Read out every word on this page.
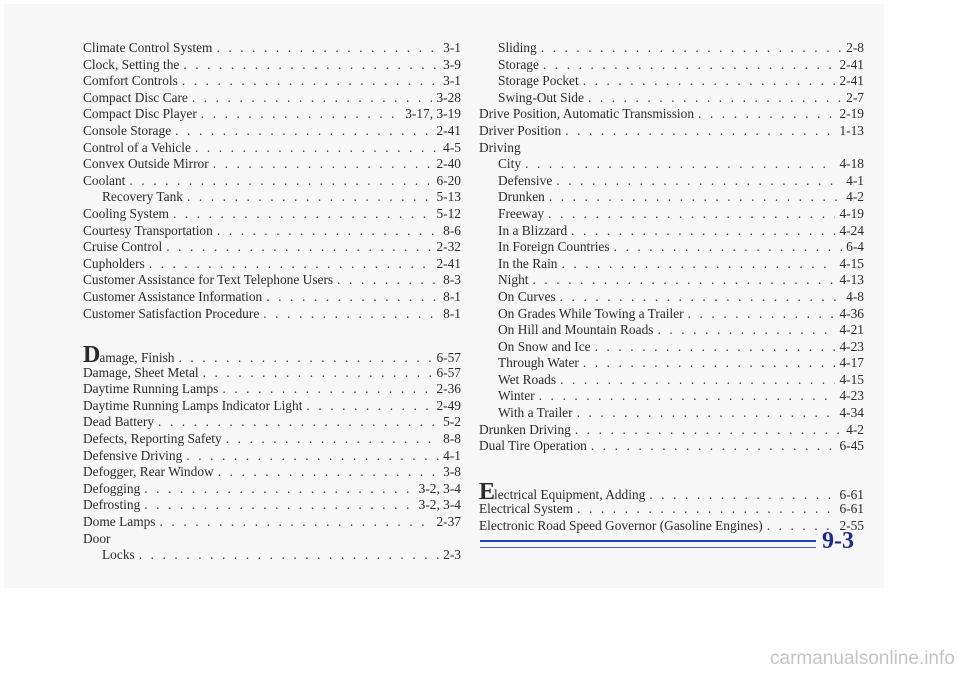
Climate Control System . . .	3-1
Clock, Setting the . . .	3-9
Comfort Controls . . .	3-1
Compact Disc Care . . .	3-28
Compact Disc Player . . .	3-17, 3-19
Console Storage . . .	2-41
Control of a Vehicle . . .	4-5
Convex Outside Mirror . . .	2-40
Coolant . . .	6-20
Recovery Tank . . .	5-13
Cooling System . . .	5-12
Courtesy Transportation . . .	8-6
Cruise Control . . .	2-32
Cupholders . . .	2-41
Customer Assistance for Text Telephone Users . . .	8-3
Customer Assistance Information . . .	8-1
Customer Satisfaction Procedure . . .	8-1
Damage, Finish . . .	6-57
Damage, Sheet Metal . . .	6-57
Daytime Running Lamps . . .	2-36
Daytime Running Lamps Indicator Light . . .	2-49
Dead Battery . . .	5-2
Defects, Reporting Safety . . .	8-8
Defensive Driving . . .	4-1
Defogger, Rear Window . . .	3-8
Defogging . . .	3-2, 3-4
Defrosting . . .	3-2, 3-4
Dome Lamps . . .	2-37
Door
Locks . . .	2-3
Sliding . . .	2-8
Storage . . .	2-41
Storage Pocket . . .	2-41
Swing-Out Side . . .	2-7
Drive Position, Automatic Transmission . . .	2-19
Driver Position . . .	1-13
Driving
City . . .	4-18
Defensive . . .	4-1
Drunken . . .	4-2
Freeway . . .	4-19
In a Blizzard . . .	4-24
In Foreign Countries . . .	6-4
In the Rain . . .	4-15
Night . . .	4-13
On Curves . . .	4-8
On Grades While Towing a Trailer . . .	4-36
On Hill and Mountain Roads . . .	4-21
On Snow and Ice . . .	4-23
Through Water . . .	4-17
Wet Roads . . .	4-15
Winter . . .	4-23
With a Trailer . . .	4-34
Drunken Driving . . .	4-2
Dual Tire Operation . . .	6-45
Electrical Equipment, Adding . . .	6-61
Electrical System . . .	6-61
Electronic Road Speed Governor (Gasoline Engines) . . .	2-55
9-3
carmanualsonline.info
